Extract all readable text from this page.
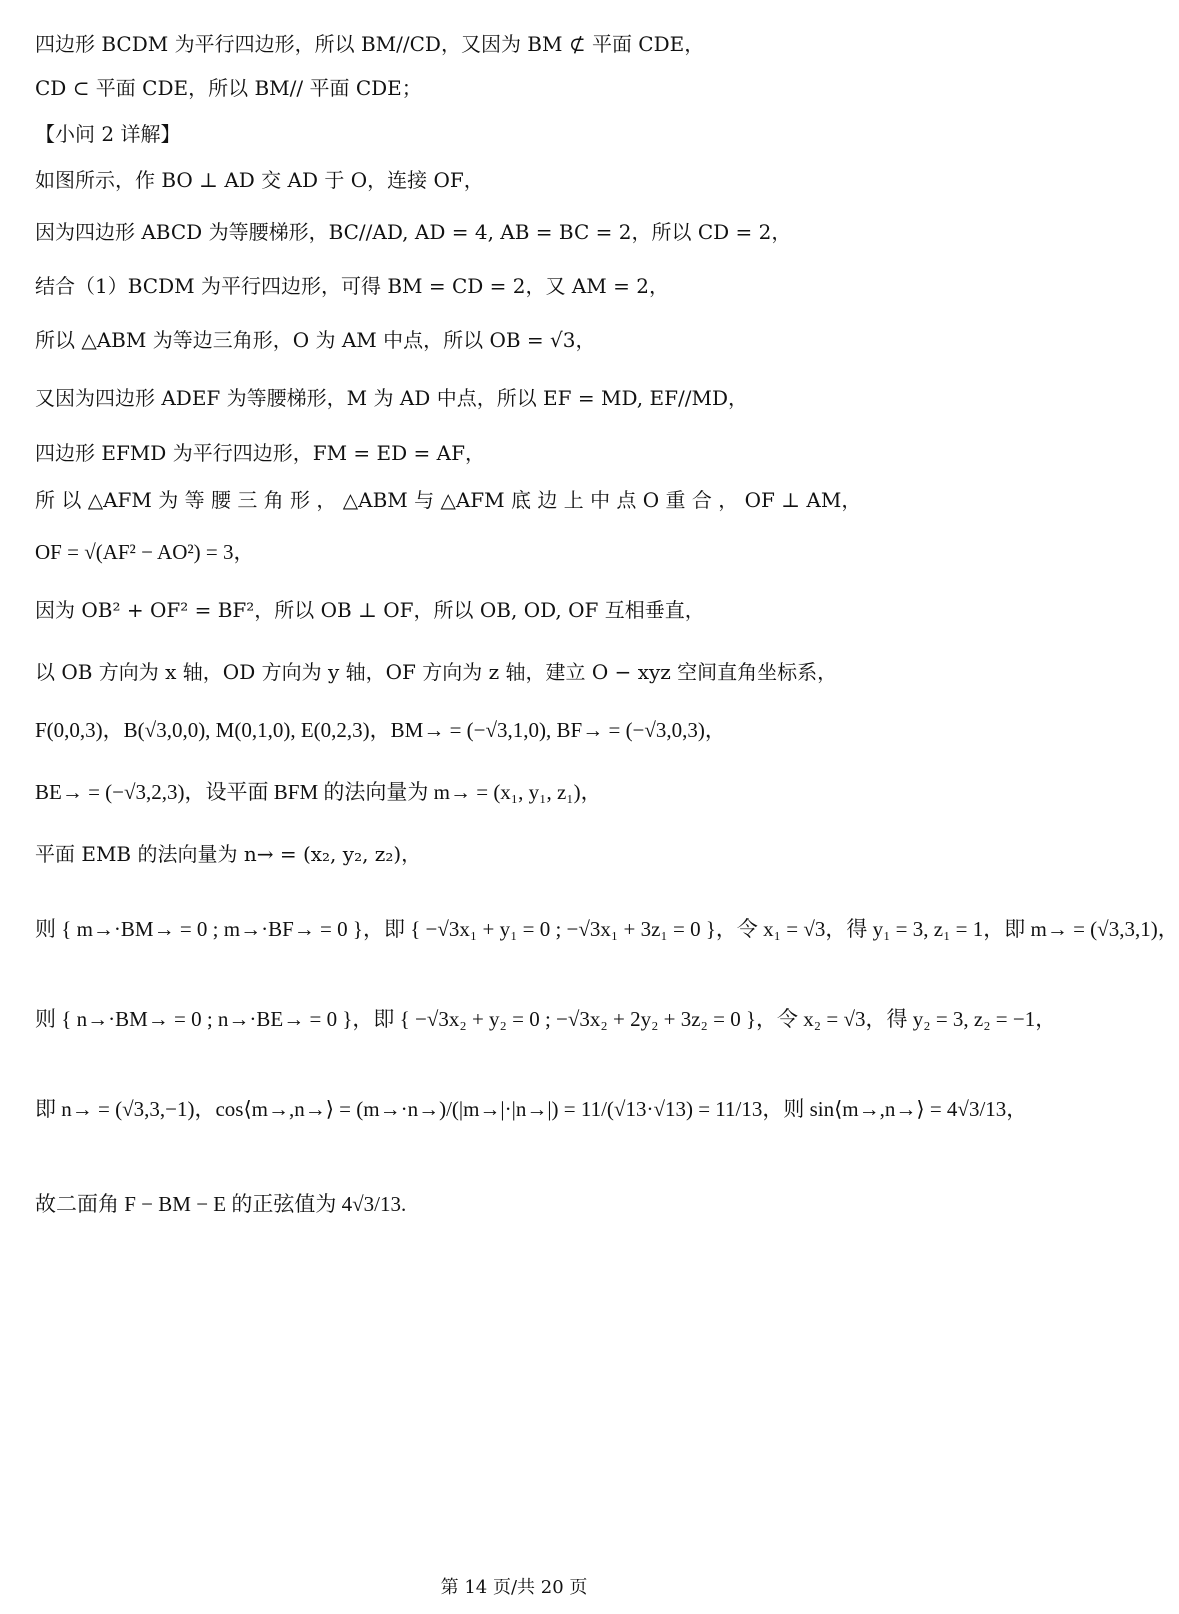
四边形 BCDM 为平行四边形，所以 BM//CD，又因为 BM ⊄ 平面 CDE，
CD ⊂ 平面 CDE，所以 BM// 平面 CDE；
【小问 2 详解】
如图所示，作 BO ⊥ AD 交 AD 于 O，连接 OF，
因为四边形 ABCD 为等腰梯形，BC//AD, AD = 4, AB = BC = 2，所以 CD = 2，
结合（1）BCDM 为平行四边形，可得 BM = CD = 2，又 AM = 2，
所以 △ABM 为等边三角形，O 为 AM 中点，所以 OB = √3，
又因为四边形 ADEF 为等腰梯形，M 为 AD 中点，所以 EF = MD, EF//MD，
四边形 EFMD 为平行四边形，FM = ED = AF，
所 以 △AFM 为 等 腰 三 角 形 ， △ABM 与 △AFM 底 边 上 中 点 O 重 合 ， OF ⊥ AM，
OF = √(AF² − AO²) = 3，
因为 OB² + OF² = BF²，所以 OB ⊥ OF，所以 OB, OD, OF 互相垂直，
以 OB 方向为 x 轴，OD 方向为 y 轴，OF 方向为 z 轴，建立 O − xyz 空间直角坐标系，
F(0,0,3)，B(√3,0,0), M(0,1,0), E(0,2,3)，BM→ = (−√3,1,0), BF→ = (−√3,0,3)，
BE→ = (−√3,2,3)，设平面 BFM 的法向量为 m→ = (x₁, y₁, z₁)，
平面 EMB 的法向量为 n→ = (x₂, y₂, z₂)，
则 { m→·BM→ = 0 ; m→·BF→ = 0 }，即 { −√3x₁ + y₁ = 0 ; −√3x₁ + 3z₁ = 0 }，令 x₁ = √3，得 y₁ = 3, z₁ = 1，即 m→ = (√3,3,1)，
则 { n→·BM→ = 0 ; n→·BE→ = 0 }，即 { −√3x₂ + y₂ = 0 ; −√3x₂ + 2y₂ + 3z₂ = 0 }，令 x₂ = √3，得 y₂ = 3, z₂ = −1，
即 n→ = (√3,3,−1)，cos⟨m→,n→⟩ = (m→·n→)/(|m→|·|n→|) = 11/(√13·√13) = 11/13，则 sin⟨m→,n→⟩ = 4√3/13，
故二面角 F − BM − E 的正弦值为 4√3/13.
第 14 页/共 20 页
